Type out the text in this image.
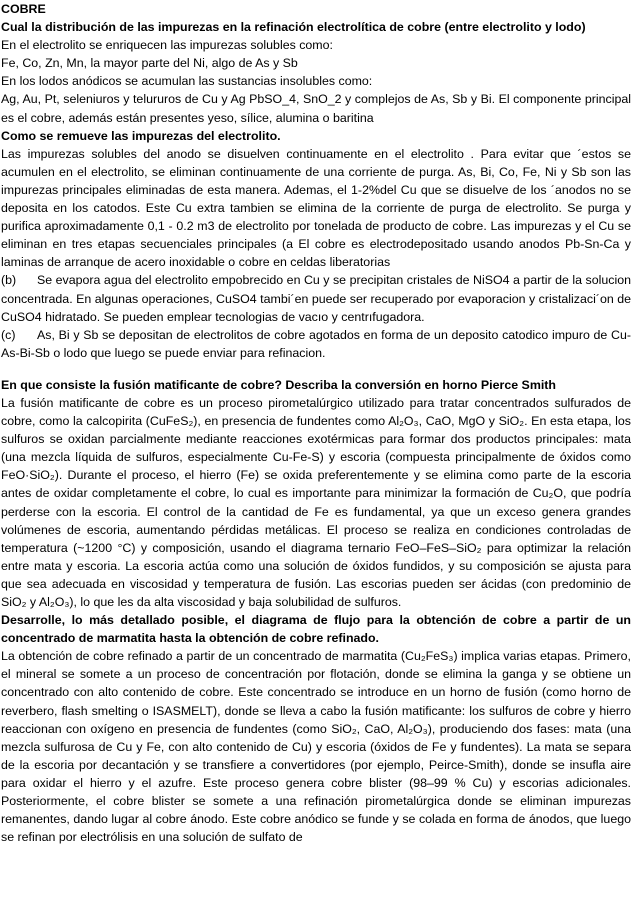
COBRE

Cual la distribución de las impurezas en la refinación electrolítica de cobre (entre electrolito y lodo)

En el electrolito se enriquecen las impurezas solubles como:

Fe, Co, Zn, Mn, la mayor parte del Ni, algo de As y Sb

En los lodos anódicos se acumulan las sustancias insolubles como:

Ag, Au, Pt, seleniuros y telururos de Cu y Ag PbSO_4, SnO_2 y complejos de As, Sb y Bi. El componente principal es el cobre, además están presentes yeso, sílice, alumina o baritina

Como se remueve las impurezas del electrolito.

Las impurezas solubles del anodo se disuelven continuamente en el electrolito . Para evitar que ´estos se acumulen en el electrolito, se eliminan continuamente de una corriente de purga. As, Bi, Co, Fe, Ni y Sb son las impurezas principales eliminadas de esta manera. Ademas, el 1-2%del Cu que se disuelve de los ´anodos no se deposita en los catodos. Este Cu extra tambien se elimina de la corriente de purga de electrolito. Se purga y purifica aproximadamente 0,1 - 0.2 m3 de electrolito por tonelada de producto de cobre. Las impurezas y el Cu se eliminan en tres etapas secuenciales principales (a El cobre es electrodepositado usando anodos Pb-Sn-Ca y laminas de arranque de acero inoxidable o cobre en celdas liberatorias

(b) Se evapora agua del electrolito empobrecido en Cu y se precipitan cristales de NiSO4 a partir de la solucion concentrada. En algunas operaciones, CuSO4 tambi´en puede ser recuperado por evaporacion y cristalizaci´on de CuSO4 hidratado. Se pueden emplear tecnologias de vacıo y centrıfugadora.

(c) As, Bi y Sb se depositan de electrolitos de cobre agotados en forma de un deposito catodico impuro de Cu-As-Bi-Sb o lodo que luego se puede enviar para refinacion.

En que consiste la fusión matificante de cobre? Describa la conversión en horno Pierce Smith

La fusión matificante de cobre es un proceso pirometalúrgico utilizado para tratar concentrados sulfurados de cobre, como la calcopirita (CuFeS₂), en presencia de fundentes como Al₂O₃, CaO, MgO y SiO₂. En esta etapa, los sulfuros se oxidan parcialmente mediante reacciones exotérmicas para formar dos productos principales: mata (una mezcla líquida de sulfuros, especialmente Cu-Fe-S) y escoria (compuesta principalmente de óxidos como FeO·SiO₂). Durante el proceso, el hierro (Fe) se oxida preferentemente y se elimina como parte de la escoria antes de oxidar completamente el cobre, lo cual es importante para minimizar la formación de Cu₂O, que podría perderse con la escoria. El control de la cantidad de Fe es fundamental, ya que un exceso genera grandes volúmenes de escoria, aumentando pérdidas metálicas. El proceso se realiza en condiciones controladas de temperatura (~1200 °C) y composición, usando el diagrama ternario FeO–FeS–SiO₂ para optimizar la relación entre mata y escoria. La escoria actúa como una solución de óxidos fundidos, y su composición se ajusta para que sea adecuada en viscosidad y temperatura de fusión. Las escorias pueden ser ácidas (con predominio de SiO₂ y Al₂O₃), lo que les da alta viscosidad y baja solubilidad de sulfuros.

Desarrolle, lo más detallado posible, el diagrama de flujo para la obtención de cobre a partir de un concentrado de marmatita hasta la obtención de cobre refinado.

La obtención de cobre refinado a partir de un concentrado de marmatita (Cu₂FeS₃) implica varias etapas. Primero, el mineral se somete a un proceso de concentración por flotación, donde se elimina la ganga y se obtiene un concentrado con alto contenido de cobre. Este concentrado se introduce en un horno de fusión (como horno de reverbero, flash smelting o ISASMELT), donde se lleva a cabo la fusión matificante: los sulfuros de cobre y hierro reaccionan con oxígeno en presencia de fundentes (como SiO₂, CaO, Al₂O₃), produciendo dos fases: mata (una mezcla sulfurosa de Cu y Fe, con alto contenido de Cu) y escoria (óxidos de Fe y fundentes). La mata se separa de la escoria por decantación y se transfiere a convertidores (por ejemplo, Peirce-Smith), donde se insufla aire para oxidar el hierro y el azufre. Este proceso genera cobre blister (98–99 % Cu) y escorias adicionales. Posteriormente, el cobre blister se somete a una refinación pirometalúrgica donde se eliminan impurezas remanentes, dando lugar al cobre ánodo. Este cobre anódico se funde y se colada en forma de ánodos, que luego se refinan por electrólisis en una solución de sulfato de
